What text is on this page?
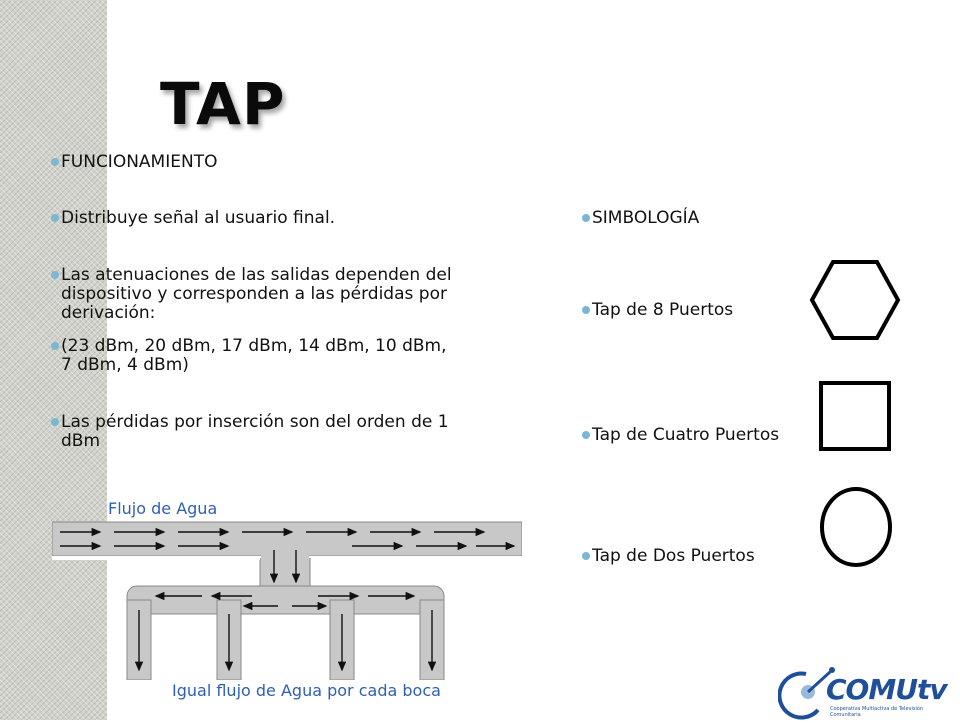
TAP
FUNCIONAMIENTO
Distribuye señal al usuario final.
Las atenuaciones de las salidas dependen del dispositivo y corresponden a las pérdidas por derivación:
(23 dBm, 20 dBm, 17 dBm, 14 dBm, 10 dBm, 7 dBm, 4 dBm)
Las pérdidas por inserción son del orden de 1 dBm
SIMBOLOGÍA
Tap de 8 Puertos
Tap de Cuatro Puertos
Tap de Dos Puertos
Flujo de Agua
Igual flujo de Agua por cada boca	COMUtv
Cooperativa Multiactiva de Televisión Comunitaria
